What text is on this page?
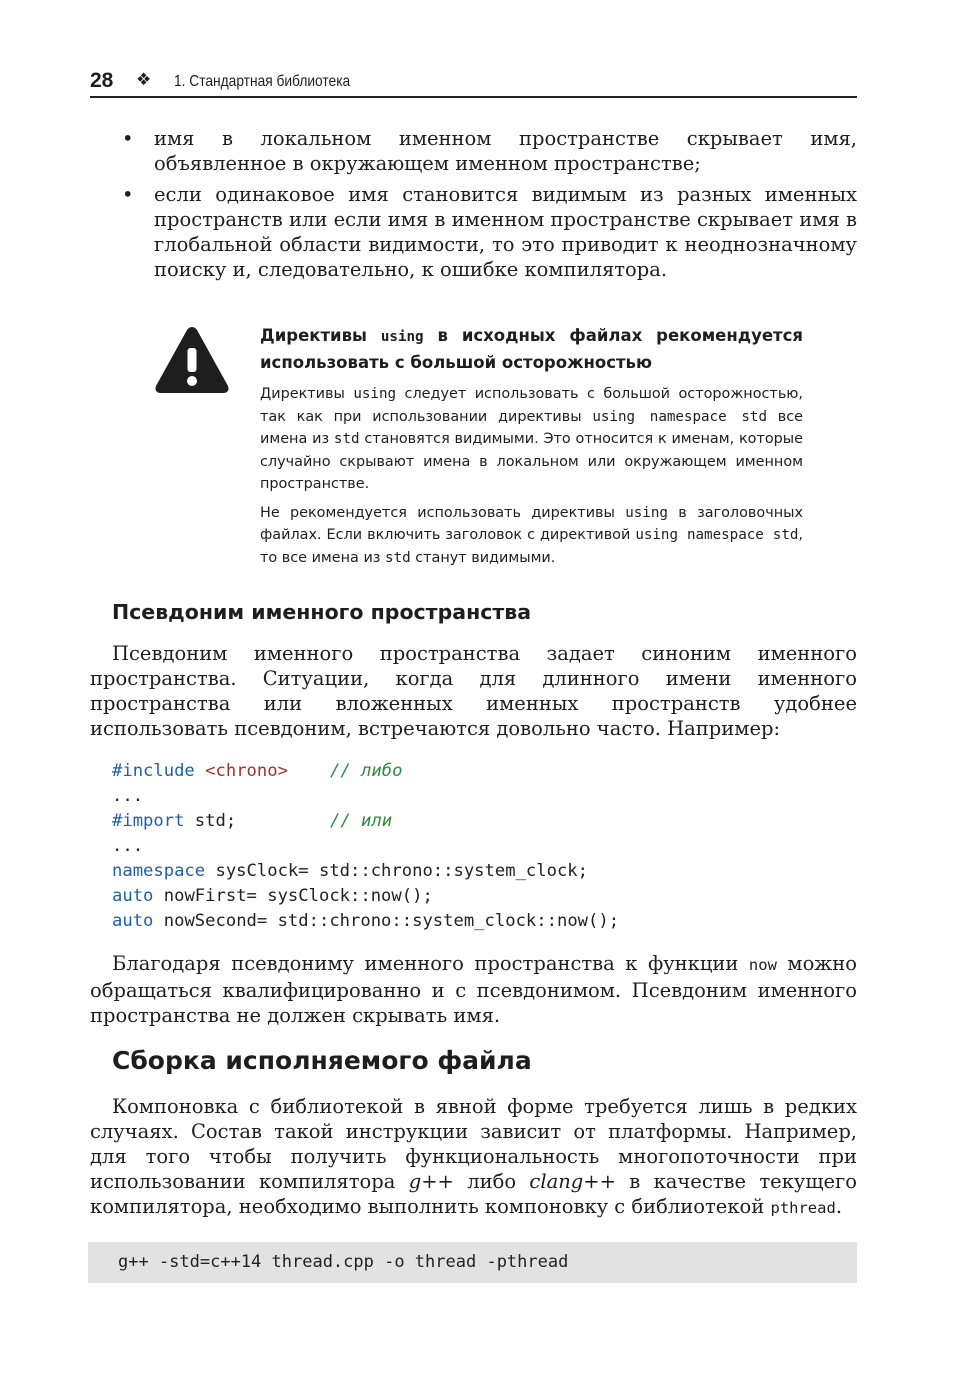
28 ❖ 1. Стандартная библиотека
• имя в локальном именном пространстве скрывает имя, объявленное в окружающем именном пространстве;
• если одинаковое имя становится видимым из разных именных пространств или если имя в именном пространстве скрывает имя в глобальной области видимости, то это приводит к неоднозначному поиску и, следовательно, к ошибке компилятора.

Директивы using в исходных файлах рекомендуется использовать с большой осторожностью

Директивы using следует использовать с большой осторожностью, так как при использовании директивы using namespace std все имена из std становятся видимыми. Это относится к именам, которые случайно скрывают имена в локальном или окружающем именном пространстве.

Не рекомендуется использовать директивы using в заголовочных файлах. Если включить заголовок с директивой using namespace std, то все имена из std станут видимыми.

Псевдоним именного пространства

Псевдоним именного пространства задает синоним именного пространства. Ситуации, когда для длинного имени именного пространства или вложенных именных пространств удобнее использовать псевдоним, встречаются довольно часто. Например:

#include <chrono> // либо
...
#import std;	// или
...
namespace sysClock= std::chrono::system_clock;
auto nowFirst= sysClock::now();
auto nowSecond= std::chrono::system_clock::now();

Благодаря псевдониму именного пространства к функции now можно обращаться квалифицированно и с псевдонимом. Псевдоним именного пространства не должен скрывать имя.

Сборка исполняемого файла

Компоновка с библиотекой в явной форме требуется лишь в редких случаях. Состав такой инструкции зависит от платформы. Например, для того чтобы получить функциональность многопоточности при использовании компилятора g++ либо clang++ в качестве текущего компилятора, необходимо выполнить компоновку с библиотекой pthread.

g++ -std=c++14 thread.cpp -o thread -pthread
